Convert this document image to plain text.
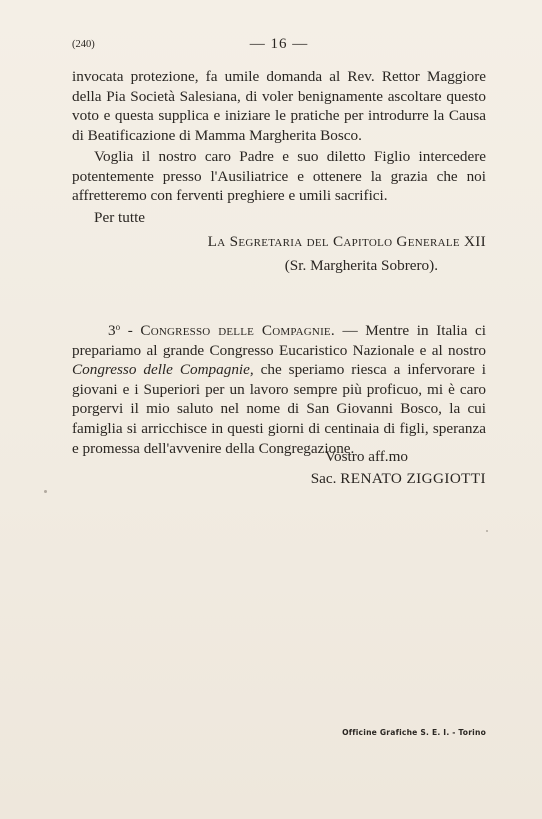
(240)	— 16 —
invocata protezione, fa umile domanda al Rev. Rettor Maggiore della Pia Società Salesiana, di voler benignamente ascoltare questo voto e questa supplica e iniziare le pratiche per introdurre la Causa di Beatificazione di Mamma Margherita Bosco.
Voglia il nostro caro Padre e suo diletto Figlio intercedere potentemente presso l'Ausiliatrice e ottenere la grazia che noi affretteremo con ferventi preghiere e umili sacrifici.
Per tutte
La Segretaria del Capitolo Generale XII
(Sr. Margherita Sobrero).
3$^o$ - Congresso delle Compagnie. — Mentre in Italia ci prepariamo al grande Congresso Eucaristico Nazionale e al nostro Congresso delle Compagnie, che speriamo riesca a infervorare i giovani e i Superiori per un lavoro sempre più proficuo, mi è caro porgervi il mio saluto nel nome di San Giovanni Bosco, la cui famiglia si arricchisce in questi giorni di centinaia di figli, speranza e promessa dell'avvenire della Congregazione.
Vostro aff.mo
Sac. RENATO ZIGGIOTTI
Officine Grafiche S. E. I. - Torino
